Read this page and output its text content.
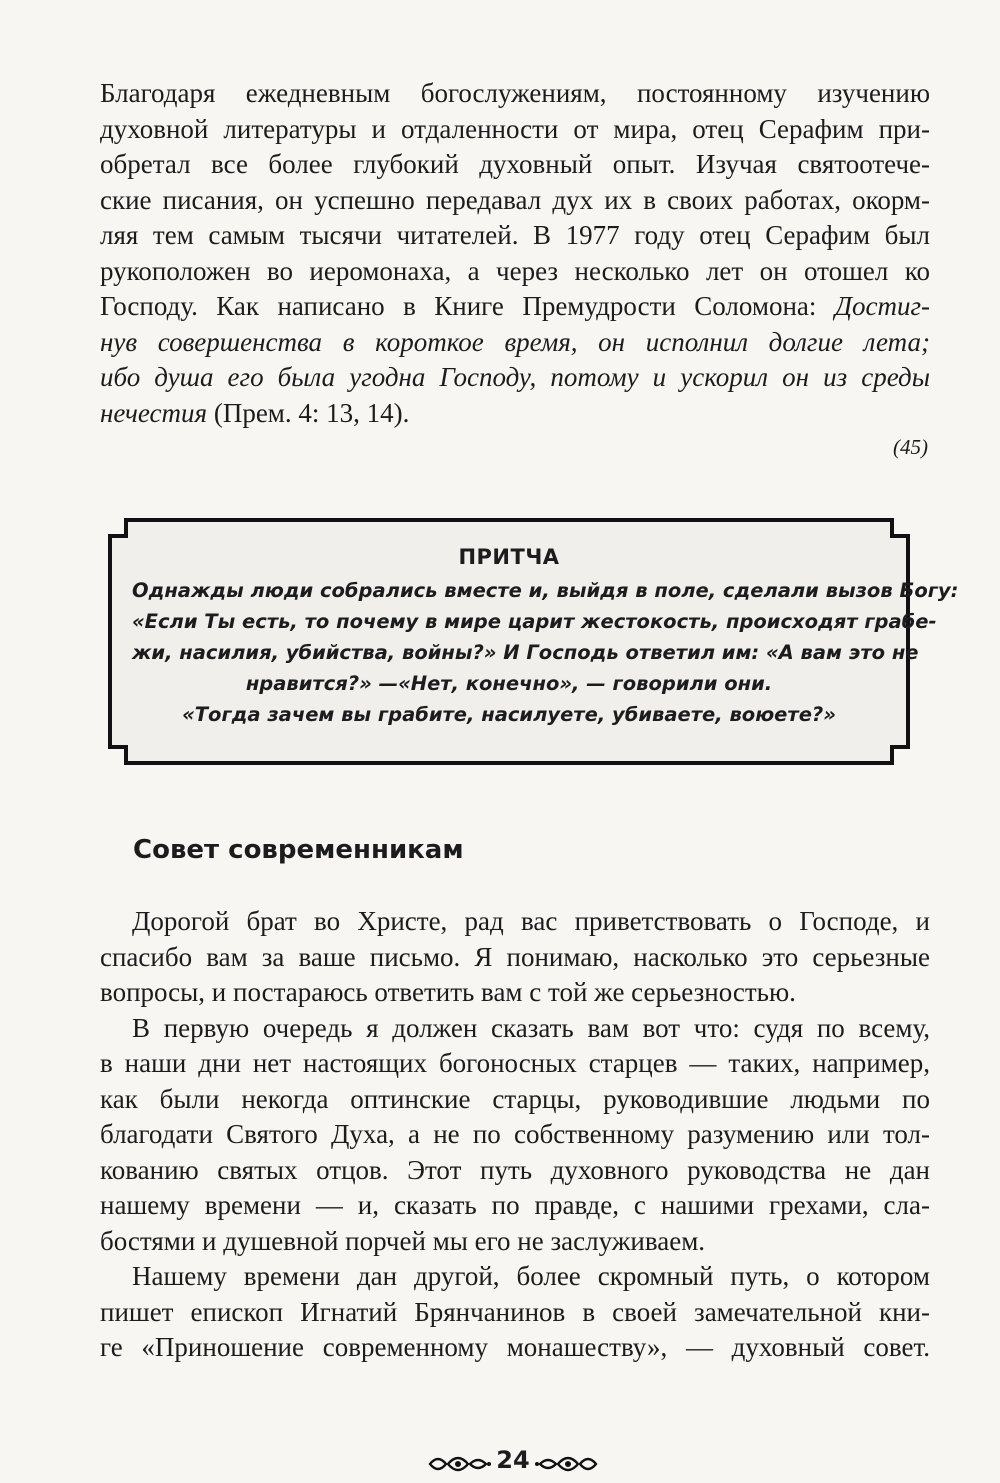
Благодаря ежедневным богослужениям, постоянному изучению
духовной литературы и отдаленности от мира, отец Серафим при-
обретал все более глубокий духовный опыт. Изучая святоотече-
ские писания, он успешно передавал дух их в своих работах, окорм-
ляя тем самым тысячи читателей. В 1977 году отец Серафим был
рукоположен во иеромонаха, а через несколько лет он отошел ко
Господу. Как написано в Книге Премудрости Соломона: Достиг-
нув совершенства в короткое время, он исполнил долгие лета;
ибо душа его была угодна Господу, потому и ускорил он из среды
нечестия (Прем. 4: 13, 14).

(45)
ПРИТЧА
Однажды люди собрались вместе и, выйдя в поле, сделали вызов Богу:
«Если Ты есть, то почему в мире царит жестокость, происходят грабе-
жи, насилия, убийства, войны?» И Господь ответил им: «А вам это не
нравится?» —«Нет, конечно», — говорили они.
«Тогда зачем вы грабите, насилуете, убиваете, воюете?»
Совет современникам

Дорогой брат во Христе, рад вас приветствовать о Господе, и
спасибо вам за ваше письмо. Я понимаю, насколько это серьезные
вопросы, и постараюсь ответить вам с той же серьезностью.

В первую очередь я должен сказать вам вот что: судя по всему,
в наши дни нет настоящих богоносных старцев — таких, например,
как были некогда оптинские старцы, руководившие людьми по
благодати Святого Духа, а не по собственному разумению или тол-
кованию святых отцов. Этот путь духовного руководства не дан
нашему времени — и, сказать по правде, с нашими грехами, сла-
бостями и душевной порчей мы его не заслуживаем.

Нашему времени дан другой, более скромный путь, о котором
пишет епископ Игнатий Брянчанинов в своей замечательной кни-
ге «Приношение современному монашеству», — духовный совет.

24
